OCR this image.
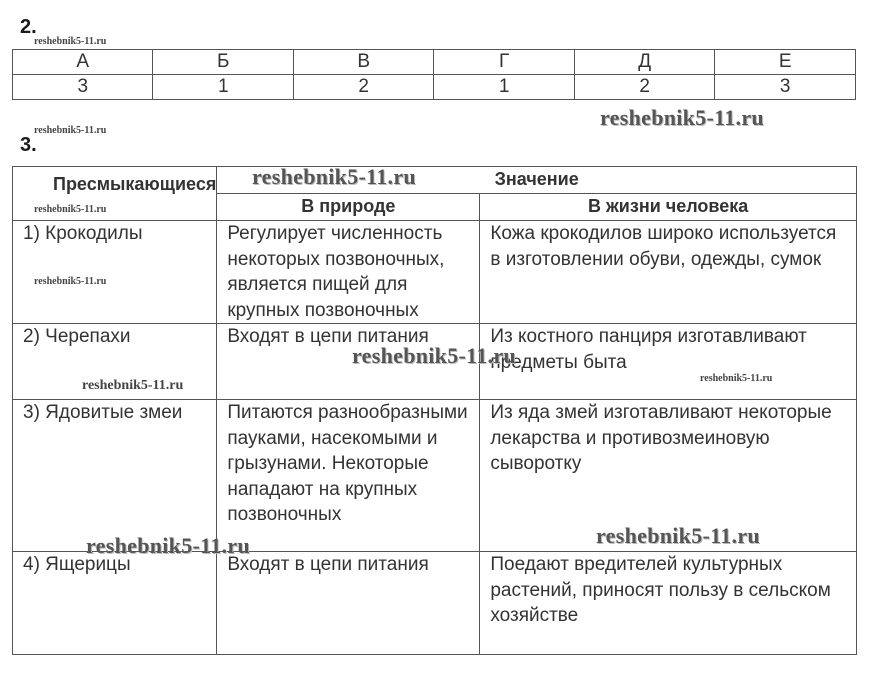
2.
reshebnik5-11.ru
А	Б	В	Г	Д	Е
3	1	2	1	2	3
reshebnik5-11.ru
reshebnik5-11.ru
3.
Пресмыкающиеся	Значение	
	В природе	В жизни человека
1) Крокодилы	Регулирует численность некоторых позвоночных, является пищей для крупных позвоночных	Кожа крокодилов широко используется в изготовлении обуви, одежды, сумок
2) Черепахи	Входят в цепи питания	Из костного панциря изготавливают предметы быта
3) Ядовитые змеи	Питаются разнообразными пауками, насекомыми и грызунами. Некоторые нападают на крупных позвоночных	Из яда змей изготавливают некоторые лекарства и противозмеиновую сыворотку
4) Ящерицы	Входят в цепи питания	Поедают вредителей культурных растений, приносят пользу в сельском хозяйстве
reshebnik5-11.ru
reshebnik5-11.ru
reshebnik5-11.ru
reshebnik5-11.ru
reshebnik5-11.ru
reshebnik5-11.ru
reshebnik5-11.ru	reshebnik5-11.ru
